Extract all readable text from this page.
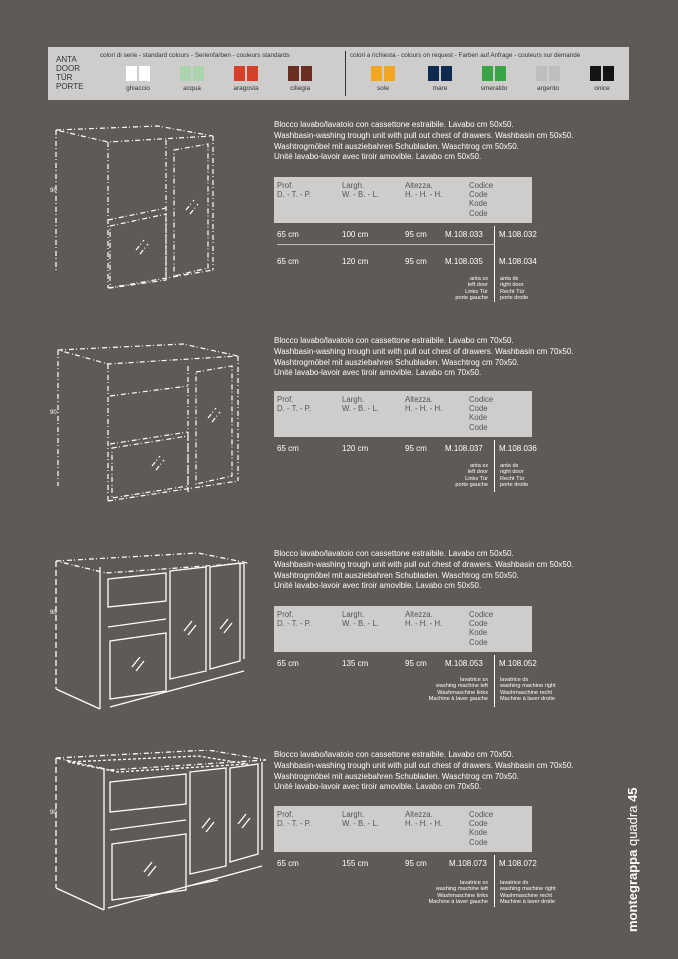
ANTA
DOOR
TÜR
PORTE
colori di serie - standard colours - Serienfarben - couleurs standards	colori a richiesta - colours on request - Farben auf Anfrage - couleurs sur demande
ghiaccio	acqua	aragosta	ciliegia	sole	mare	smeraldo	argento	onice
90
Blocco lavabo/lavatoio con cassettone estraibile. Lavabo cm 50x50.
Washbasin-washing trough unit with pull out chest of drawers. Washbasin cm 50x50.
Washtrogmöbel mit ausziebahren Schubladen. Waschtrog cm 50x50.
Unité lavabo-lavoir avec tiroir amovible. Lavabo cm 50x50.
Prof.
D. - T. - P.
Largh.
W. - B. - L.
Altezza.
H. - H. - H.
Codice
Code
Kode
Code
65 cm	100 cm	95 cm M.108.033 M.108.032
65 cm	120 cm	95 cm M.108.035 M.108.034
anta sx
left door
Links Tür
porte gauche
anta dx
right door
Recht Tür
porte droite
90
Blocco lavabo/lavatoio con cassettone estraibile. Lavabo cm 70x50.
Washbasin-washing trough unit with pull out chest of drawers. Washbasin cm 70x50.
Washtrogmöbel mit ausziebahren Schubladen. Waschtrog cm 70x50.
Unité lavabo-lavoir avec tiroir amovible. Lavabo cm 70x50.
Prof.
D. - T. - P.
Largh.
W. - B. - L.
Altezza.
H. - H. - H.
Codice
Code
Kode
Code
65 cm	120 cm	95 cm M.108.037 M.108.036
anta sx
left door
Links Tür
porte gauche
anta dx
right door
Recht Tür
porte droite
90
Blocco lavabo/lavatoio con cassettone estraibile. Lavabo cm 50x50.
Washbasin-washing trough unit with pull out chest of drawers. Washbasin cm 50x50.
Washtrogmöbel mit ausziebahren Schubladen. Waschtrog cm 50x50.
Unité lavabo-lavoir avec tiroir amovible. Lavabo cm 50x50.
Prof.
D. - T. - P.
Largh.
W. - B. - L.
Altezza.
H. - H. - H.
Codice
Code
Kode
Code
65 cm	135 cm	95 cm M.108.053 M.108.052
lavatrice sx
washing machine left
Washmaschine links
Machine à laver gauche
lavatrice dx
washing machine right
Washmaschine recht
Machine à laver droite
90
Blocco lavabo/lavatoio con cassettone estraibile. Lavabo cm 70x50.
Washbasin-washing trough unit with pull out chest of drawers. Washbasin cm 70x50.
Washtrogmöbel mit ausziebahren Schubladen. Waschtrog cm 70x50.
Unité lavabo-lavoir avec tiroir amovible. Lavabo cm 70x50.
Prof.
D. - T. - P.
Largh.
W. - B. - L.
Altezza.
H. - H. - H.
Codice
Code
Kode
Code
65 cm	155 cm	95 cm	M.108.073 M.108.072
lavatrice sx
washing machine left
Washmaschine links
Machine à laver gauche
lavatrice dx
washing machine right
Washmaschine recht
Machine à laver droite	montegrappa quadra 45
